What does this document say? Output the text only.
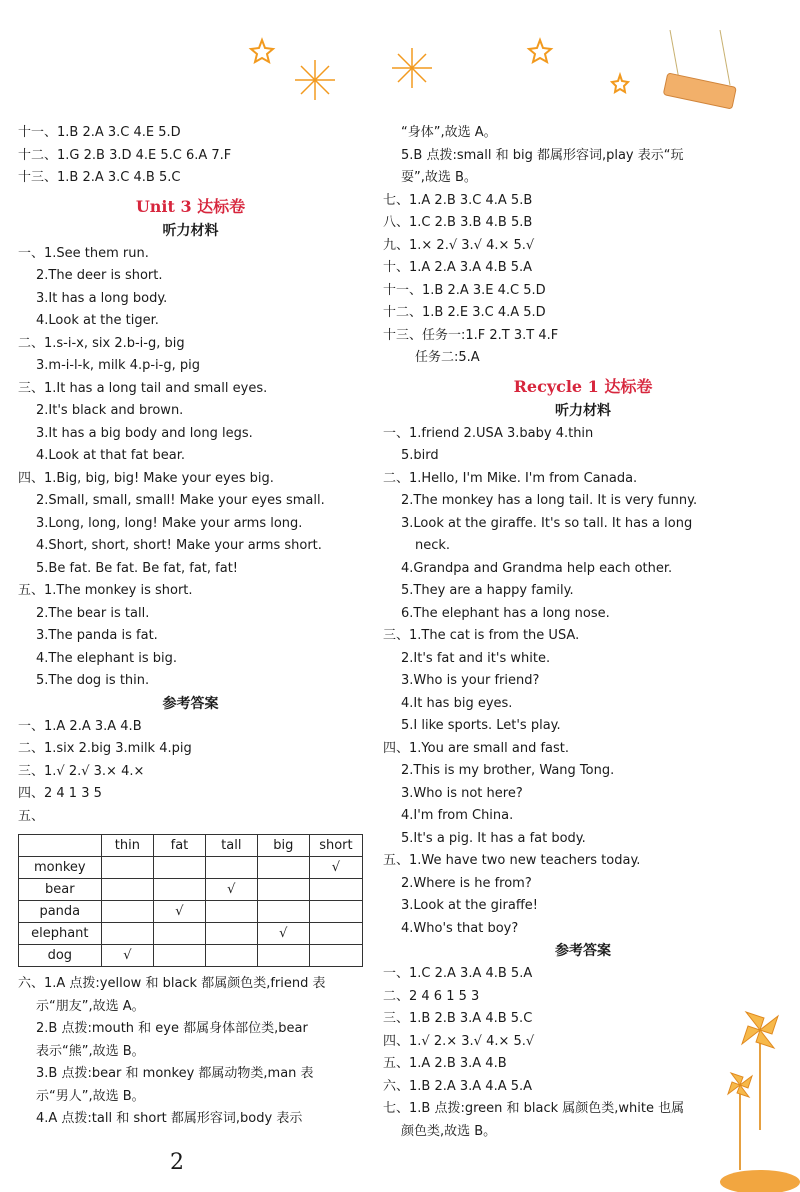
十一、1.B 2.A 3.C 4.E 5.D
十二、1.G 2.B 3.D 4.E 5.C 6.A 7.F
十三、1.B 2.A 3.C 4.B 5.C
Unit 3 达标卷
听力材料
一、1.See them run.
2.The deer is short.
3.It has a long body.
4.Look at the tiger.
二、1.s-i-x, six 2.b-i-g, big
3.m-i-l-k, milk 4.p-i-g, pig
三、1.It has a long tail and small eyes.
2.It's black and brown.
3.It has a big body and long legs.
4.Look at that fat bear.
四、1.Big, big, big! Make your eyes big.
2.Small, small, small! Make your eyes small.
3.Long, long, long! Make your arms long.
4.Short, short, short! Make your arms short.
5.Be fat. Be fat. Be fat, fat, fat!
五、1.The monkey is short.
2.The bear is tall.
3.The panda is fat.
4.The elephant is big.
5.The dog is thin.
参考答案
一、1.A 2.A 3.A 4.B
二、1.six 2.big 3.milk 4.pig
三、1.√ 2.√ 3.× 4.×
四、2 4 1 3 5
五、
	thin	fat	tall	big	short
monkey					√
bear			√		
panda		√			
elephant				√	
dog	√				
六、1.A 点拨:yellow 和 black 都属颜色类,friend 表
示“朋友”,故选 A。
2.B 点拨:mouth 和 eye 都属身体部位类,bear
表示“熊”,故选 B。
3.B 点拨:bear 和 monkey 都属动物类,man 表
示“男人”,故选 B。
4.A 点拨:tall 和 short 都属形容词,body 表示
2
“身体”,故选 A。
5.B 点拨:small 和 big 都属形容词,play 表示“玩
耍”,故选 B。
七、1.A 2.B 3.C 4.A 5.B
八、1.C 2.B 3.B 4.B 5.B
九、1.× 2.√ 3.√ 4.× 5.√
十、1.A 2.A 3.A 4.B 5.A
十一、1.B 2.A 3.E 4.C 5.D
十二、1.B 2.E 3.C 4.A 5.D
十三、任务一:1.F 2.T 3.T 4.F
任务二:5.A
Recycle 1 达标卷
听力材料
一、1.friend 2.USA 3.baby 4.thin
5.bird
二、1.Hello, I'm Mike. I'm from Canada.
2.The monkey has a long tail. It is very funny.
3.Look at the giraffe. It's so tall. It has a long
neck.
4.Grandpa and Grandma help each other.
5.They are a happy family.
6.The elephant has a long nose.
三、1.The cat is from the USA.
2.It's fat and it's white.
3.Who is your friend?
4.It has big eyes.
5.I like sports. Let's play.
四、1.You are small and fast.
2.This is my brother, Wang Tong.
3.Who is not here?
4.I'm from China.
5.It's a pig. It has a fat body.
五、1.We have two new teachers today.
2.Where is he from?
3.Look at the giraffe!
4.Who's that boy?
参考答案
一、1.C 2.A 3.A 4.B 5.A
二、2 4 6 1 5 3
三、1.B 2.B 3.A 4.B 5.C
四、1.√ 2.× 3.√ 4.× 5.√
五、1.A 2.B 3.A 4.B
六、1.B 2.A 3.A 4.A 5.A
七、1.B 点拨:green 和 black 属颜色类,white 也属
颜色类,故选 B。
